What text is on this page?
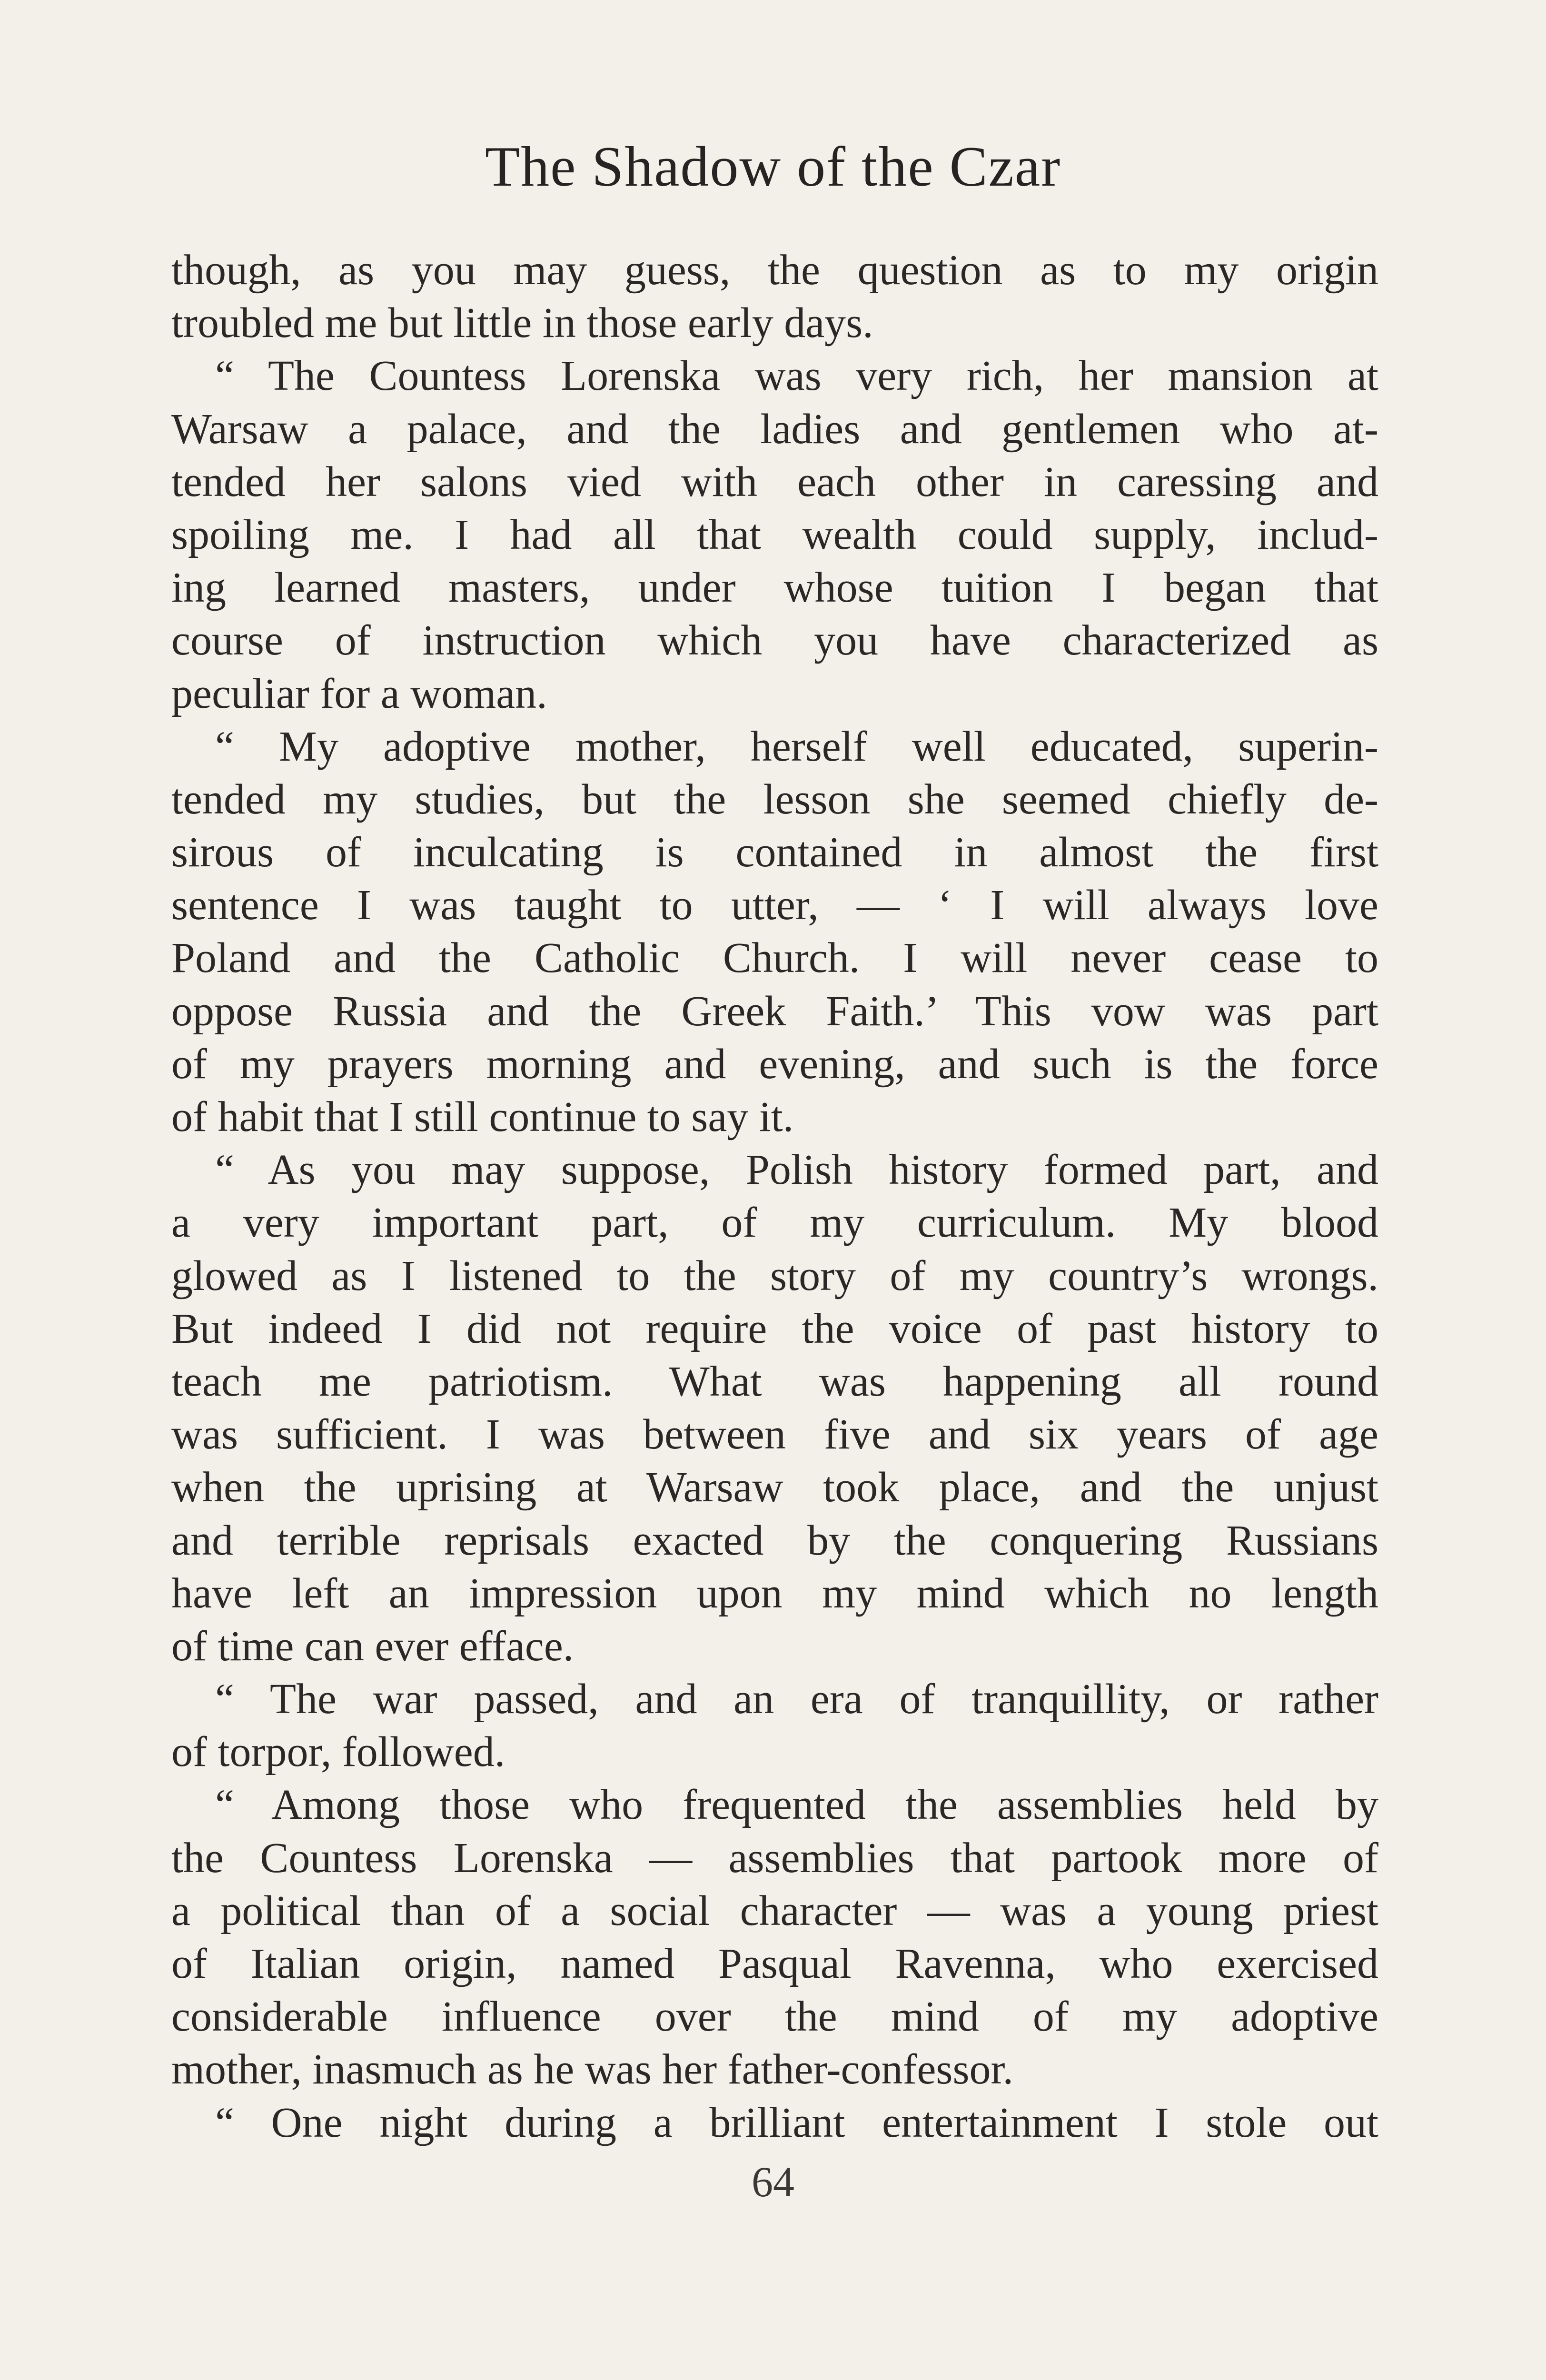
The Shadow of the Czar
though, as you may guess, the question as to my origin
troubled me but little in those early days.
“ The Countess Lorenska was very rich, her mansion at
Warsaw a palace, and the ladies and gentlemen who at-
tended her salons vied with each other in caressing and
spoiling me. I had all that wealth could supply, includ-
ing learned masters, under whose tuition I began that
course of instruction which you have characterized as
peculiar for a woman.
“ My adoptive mother, herself well educated, superin-
tended my studies, but the lesson she seemed chiefly de-
sirous of inculcating is contained in almost the first
sentence I was taught to utter, — ‘ I will always love
Poland and the Catholic Church. I will never cease to
oppose Russia and the Greek Faith.’ This vow was part
of my prayers morning and evening, and such is the force
of habit that I still continue to say it.
“ As you may suppose, Polish history formed part, and
a very important part, of my curriculum. My blood
glowed as I listened to the story of my country’s wrongs.
But indeed I did not require the voice of past history to
teach me patriotism. What was happening all round
was sufficient. I was between five and six years of age
when the uprising at Warsaw took place, and the unjust
and terrible reprisals exacted by the conquering Russians
have left an impression upon my mind which no length
of time can ever efface.
“ The war passed, and an era of tranquillity, or rather
of torpor, followed.
“ Among those who frequented the assemblies held by
the Countess Lorenska — assemblies that partook more of
a political than of a social character — was a young priest
of Italian origin, named Pasqual Ravenna, who exercised
considerable influence over the mind of my adoptive
mother, inasmuch as he was her father-confessor.
“ One night during a brilliant entertainment I stole out
64
